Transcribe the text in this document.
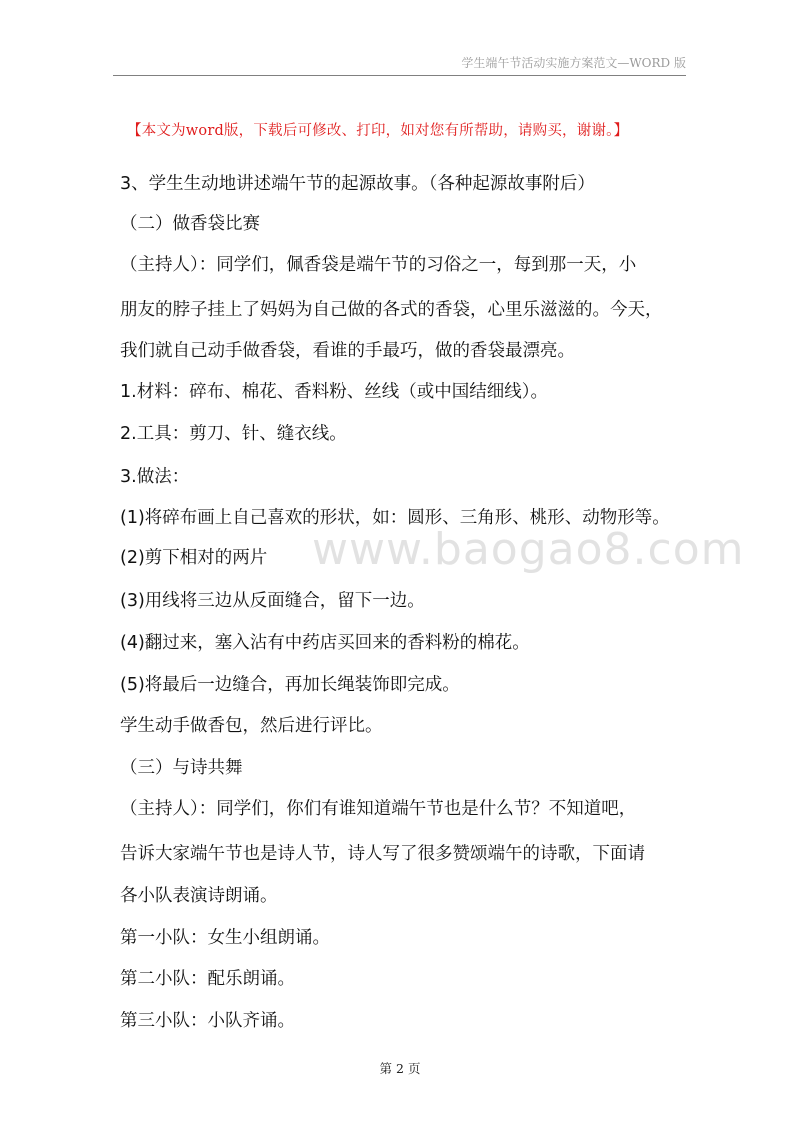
学生端午节活动实施方案范文—WORD 版
【本文为word版，下载后可修改、打印，如对您有所帮助，请购买，谢谢。】
3、学生生动地讲述端午节的起源故事。（各种起源故事附后）
（二）做香袋比赛
（主持人）：同学们，佩香袋是端午节的习俗之一，每到那一天，小
朋友的脖子挂上了妈妈为自己做的各式的香袋，心里乐滋滋的。今天，
我们就自己动手做香袋，看谁的手最巧，做的香袋最漂亮。
1.材料：碎布、棉花、香料粉、丝线（或中国结细线）。
2.工具：剪刀、针、缝衣线。
3.做法：
(1)将碎布画上自己喜欢的形状，如：圆形、三角形、桃形、动物形等。
(2)剪下相对的两片
(3)用线将三边从反面缝合，留下一边。
(4)翻过来，塞入沾有中药店买回来的香料粉的棉花。
(5)将最后一边缝合，再加长绳装饰即完成。
学生动手做香包，然后进行评比。
（三）与诗共舞
（主持人）：同学们，你们有谁知道端午节也是什么节？不知道吧，
告诉大家端午节也是诗人节，诗人写了很多赞颂端午的诗歌，下面请
各小队表演诗朗诵。
第一小队：女生小组朗诵。
第二小队：配乐朗诵。
第三小队：小队齐诵。
www.baogao8.com
第 2 页
